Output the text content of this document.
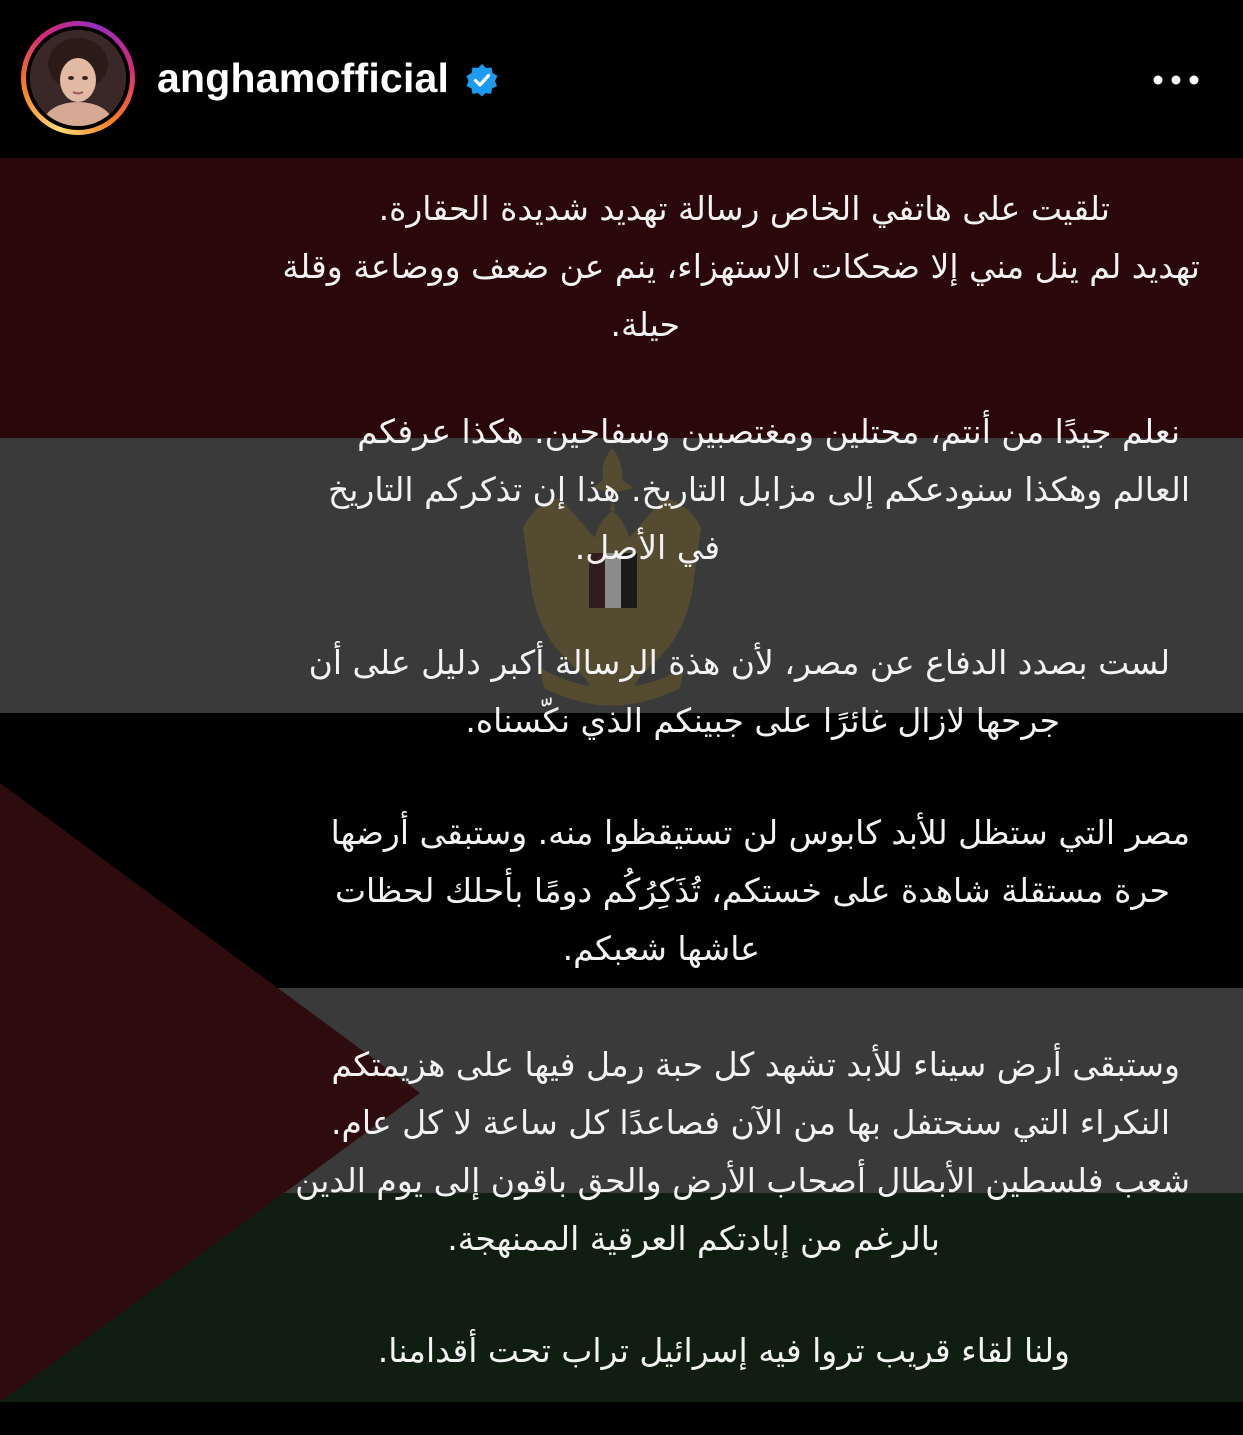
anghamofficial
تلقيت على هاتفي الخاص رسالة تهديد شديدة الحقارة.
تهديد لم ينل مني إلا ضحكات الاستهزاء، ينم عن ضعف ووضاعة وقلة
حيلة.
نعلم جيدًا من أنتم، محتلين ومغتصبين وسفاحين. هكذا عرفكم
العالم وهكذا سنودعكم إلى مزابل التاريخ. هذا إن تذكركم التاريخ
في الأصل.
لست بصدد الدفاع عن مصر، لأن هذة الرسالة أكبر دليل على أن
جرحها لازال غائرًا على جبينكم الذي نكّسناه.
مصر التي ستظل للأبد كابوس لن تستيقظوا منه. وستبقى أرضها
حرة مستقلة شاهدة على خستكم، تُذَكِرُكُم دومًا بأحلك لحظات
عاشها شعبكم.
وستبقى أرض سيناء للأبد تشهد كل حبة رمل فيها على هزيمتكم
النكراء التي سنحتفل بها من الآن فصاعدًا كل ساعة لا كل عام.
شعب فلسطين الأبطال أصحاب الأرض والحق باقون إلى يوم الدين
بالرغم من إبادتكم العرقية الممنهجة.
ولنا لقاء قريب تروا فيه إسرائيل تراب تحت أقدامنا.
